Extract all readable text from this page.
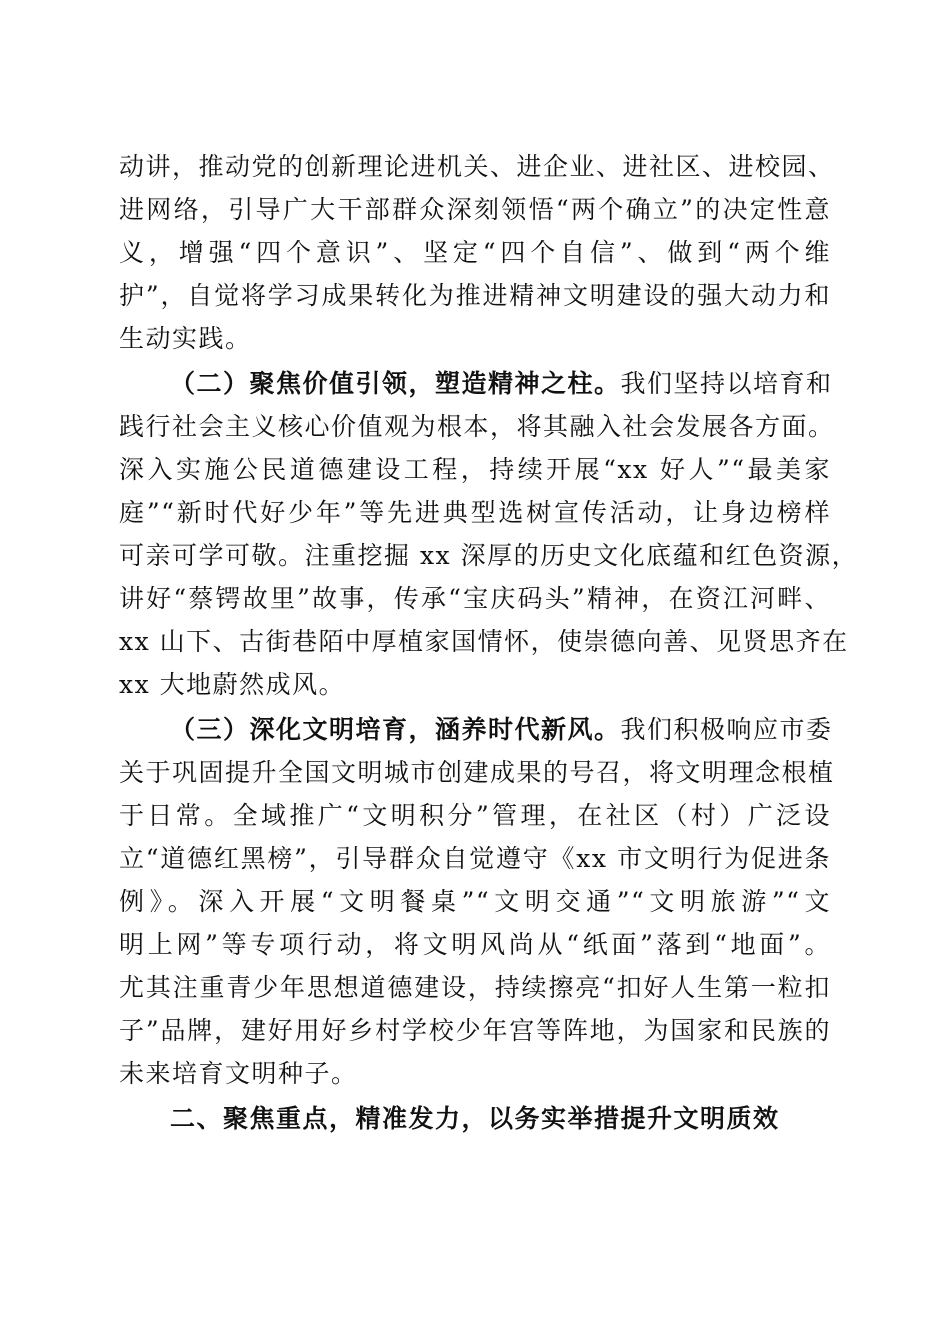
动讲，推动党的创新理论进机关、进企业、进社区、进校园、
进网络，引导广大干部群众深刻领悟“两个确立”的决定性意
义，增强“四个意识”、坚定“四个自信”、做到“两个维
护”，自觉将学习成果转化为推进精神文明建设的强大动力和
生动实践。
（二）聚焦价值引领，塑造精神之柱。我们坚持以培育和
践行社会主义核心价值观为根本，将其融入社会发展各方面。
深入实施公民道德建设工程，持续开展“xx 好人”“最美家
庭”“新时代好少年”等先进典型选树宣传活动，让身边榜样
可亲可学可敬。注重挖掘 xx 深厚的历史文化底蕴和红色资源，
讲好“蔡锷故里”故事，传承“宝庆码头”精神，在资江河畔、
xx 山下、古街巷陌中厚植家国情怀，使崇德向善、见贤思齐在
xx 大地蔚然成风。
（三）深化文明培育，涵养时代新风。我们积极响应市委
关于巩固提升全国文明城市创建成果的号召，将文明理念根植
于日常。全域推广“文明积分”管理，在社区（村）广泛设
立“道德红黑榜”，引导群众自觉遵守《xx 市文明行为促进条
例》。深入开展“文明餐桌”“文明交通”“文明旅游”“文
明上网”等专项行动，将文明风尚从“纸面”落到“地面”。
尤其注重青少年思想道德建设，持续擦亮“扣好人生第一粒扣
子”品牌，建好用好乡村学校少年宫等阵地，为国家和民族的
未来培育文明种子。
二、聚焦重点，精准发力，以务实举措提升文明质效
